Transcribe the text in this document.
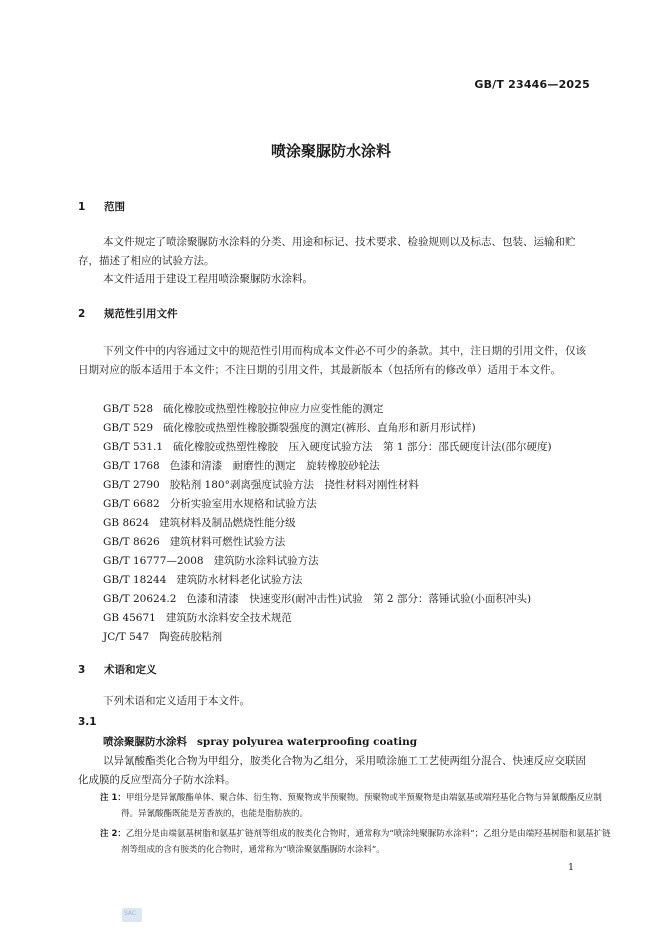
GB/T 23446—2025
喷涂聚脲防水涂料
1 范围
本文件规定了喷涂聚脲防水涂料的分类、用途和标记、技术要求、检验规则以及标志、包装、运输和贮存，描述了相应的试验方法。
本文件适用于建设工程用喷涂聚脲防水涂料。
2 规范性引用文件
下列文件中的内容通过文中的规范性引用而构成本文件必不可少的条款。其中，注日期的引用文件，仅该日期对应的版本适用于本文件；不注日期的引用文件，其最新版本（包括所有的修改单）适用于本文件。
GB/T 528 硫化橡胶或热塑性橡胶拉伸应力应变性能的测定
GB/T 529 硫化橡胶或热塑性橡胶撕裂强度的测定(裤形、直角形和新月形试样)
GB/T 531.1 硫化橡胶或热塑性橡胶　压入硬度试验方法　第 1 部分：邵氏硬度计法(邵尔硬度)
GB/T 1768 色漆和清漆　耐磨性的测定　旋转橡胶砂轮法
GB/T 2790 胶粘剂 180°剥离强度试验方法　挠性材料对刚性材料
GB/T 6682 分析实验室用水规格和试验方法
GB 8624 建筑材料及制品燃烧性能分级
GB/T 8626 建筑材料可燃性试验方法
GB/T 16777—2008 建筑防水涂料试验方法
GB/T 18244 建筑防水材料老化试验方法
GB/T 20624.2 色漆和清漆　快速变形(耐冲击性)试验　第 2 部分：落锤试验(小面积冲头)
GB 45671 建筑防水涂料安全技术规范
JC/T 547 陶瓷砖胶粘剂
3 术语和定义
下列术语和定义适用于本文件。
3.1
喷涂聚脲防水涂料 spray polyurea waterproofing coating
以异氰酸酯类化合物为甲组分，胺类化合物为乙组分，采用喷涂施工工艺使两组分混合、快速反应交联固化成膜的反应型高分子防水涂料。
注 1：甲组分是异氰酸酯单体、聚合体、衍生物、预聚物或半预聚物。预聚物或半预聚物是由端氨基或端羟基化合物与异氰酸酯反应制得。异氰酸酯既能是芳香族的，也能是脂肪族的。
注 2：乙组分是由端氨基树脂和氨基扩链剂等组成的胺类化合物时，通常称为“喷涂纯聚脲防水涂料”；乙组分是由端羟基树脂和氨基扩链剂等组成的含有胺类的化合物时，通常称为“喷涂聚氨酯脲防水涂料”。
1
SAC
